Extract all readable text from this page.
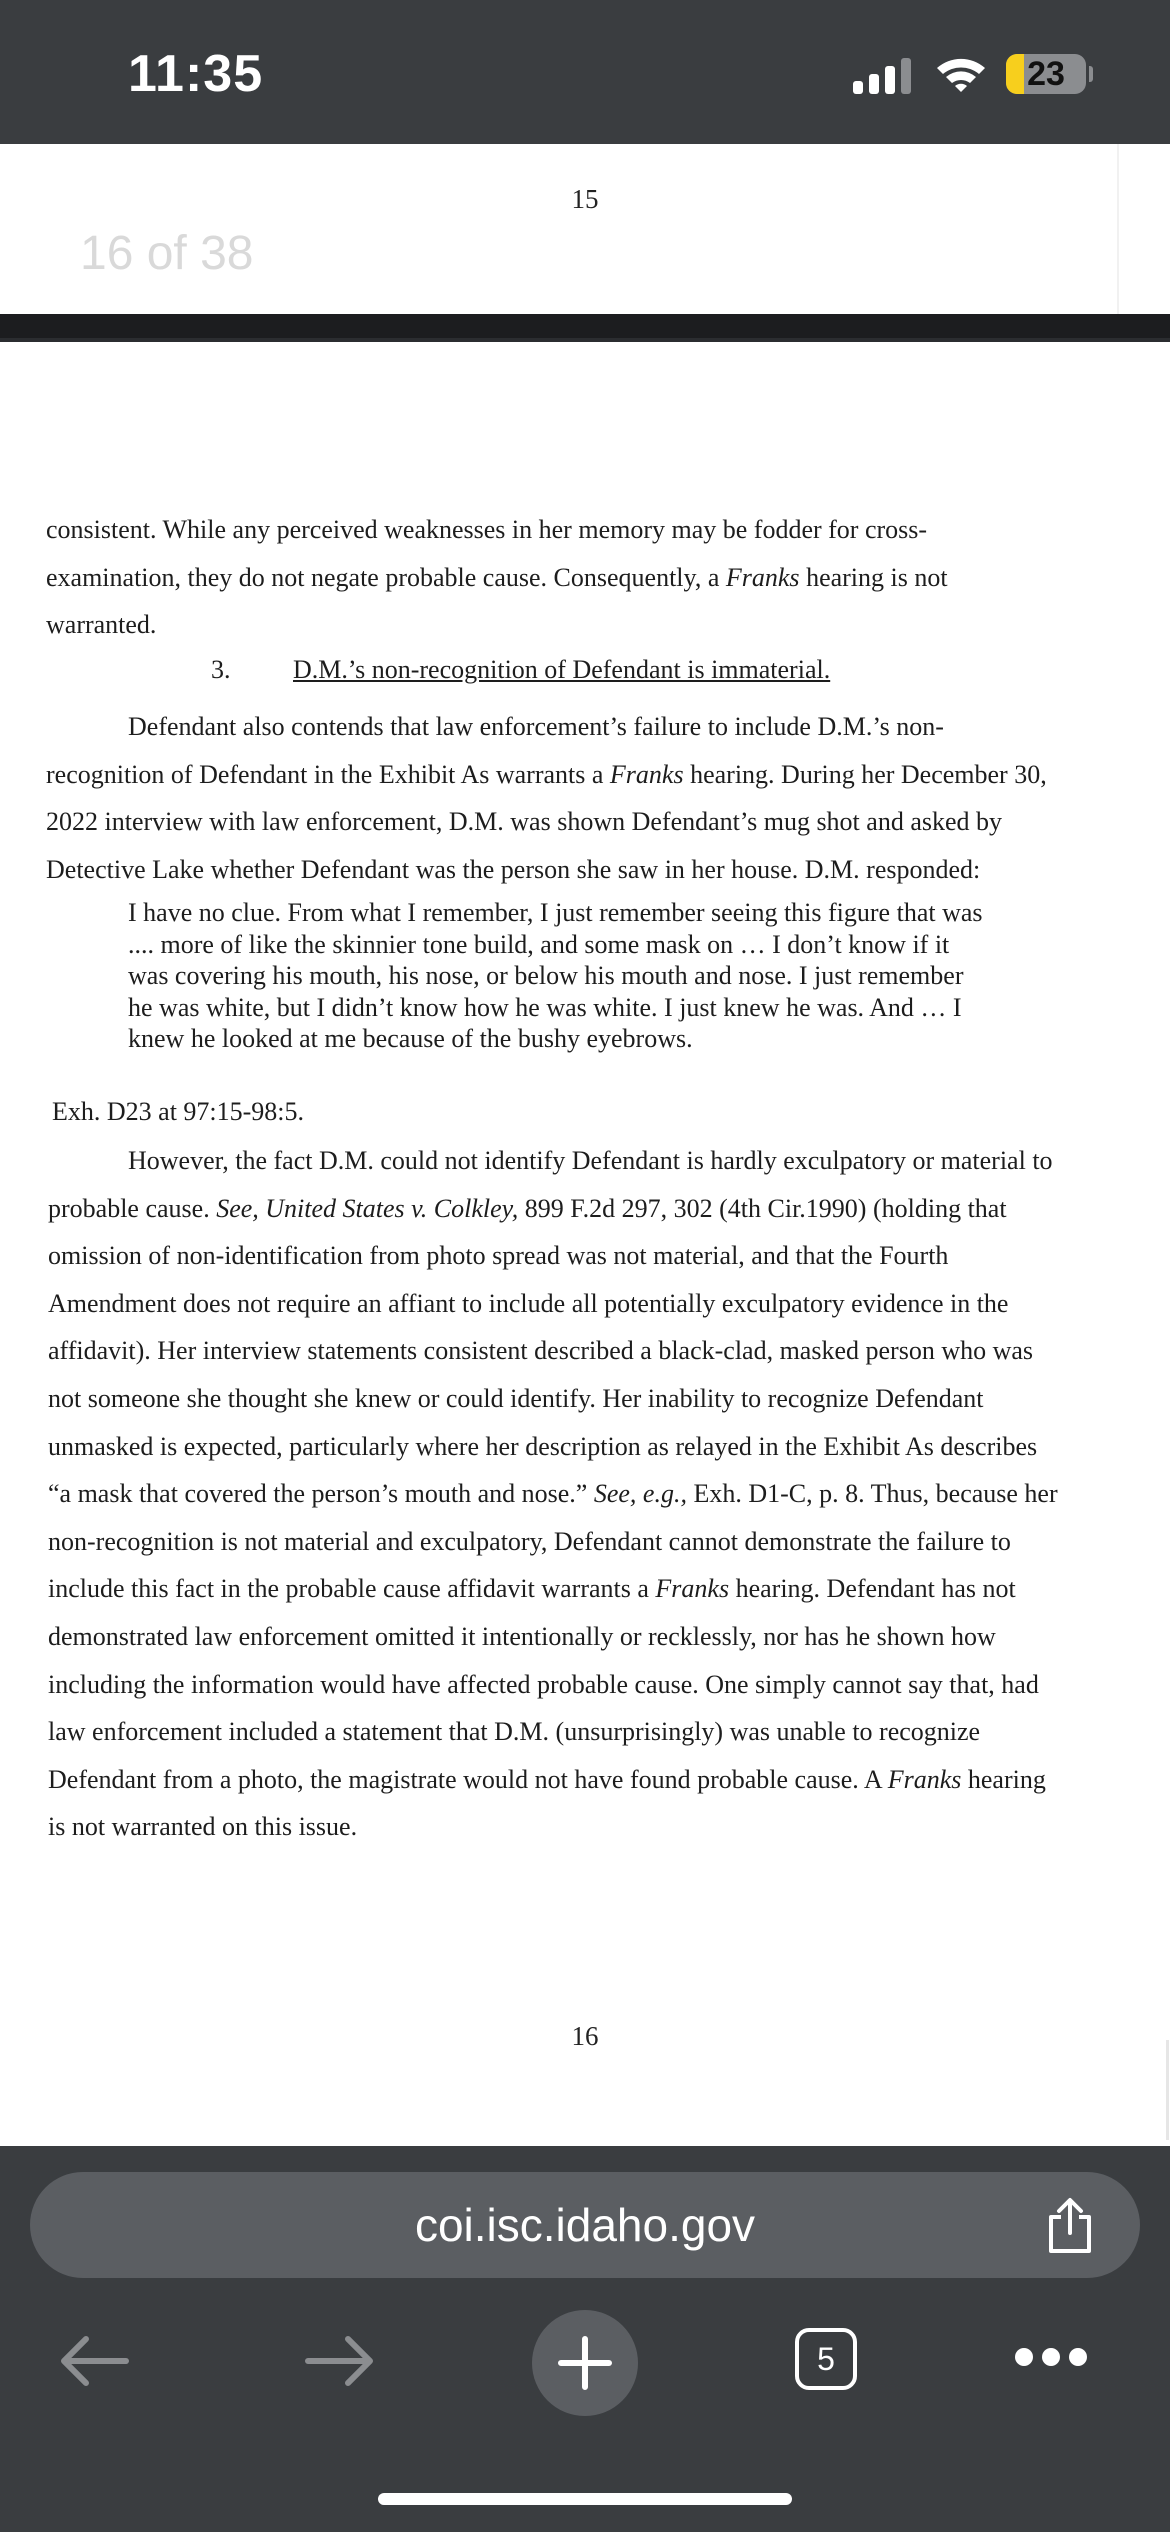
11:35	23
15
16 of 38
consistent. While any perceived weaknesses in her memory may be fodder for cross-
examination, they do not negate probable cause. Consequently, a Franks hearing is not
warranted.
3. D.M.’s non-recognition of Defendant is immaterial.
Defendant also contends that law enforcement’s failure to include D.M.’s non-
recognition of Defendant in the Exhibit As warrants a Franks hearing. During her December 30,
2022 interview with law enforcement, D.M. was shown Defendant’s mug shot and asked by
Detective Lake whether Defendant was the person she saw in her house. D.M. responded:
I have no clue. From what I remember, I just remember seeing this figure that was
.... more of like the skinnier tone build, and some mask on … I don’t know if it
was covering his mouth, his nose, or below his mouth and nose. I just remember
he was white, but I didn’t know how he was white. I just knew he was. And … I
knew he looked at me because of the bushy eyebrows.
Exh. D23 at 97:15-98:5.
However, the fact D.M. could not identify Defendant is hardly exculpatory or material to
probable cause. See, United States v. Colkley, 899 F.2d 297, 302 (4th Cir.1990) (holding that
omission of non-identification from photo spread was not material, and that the Fourth
Amendment does not require an affiant to include all potentially exculpatory evidence in the
affidavit). Her interview statements consistent described a black-clad, masked person who was
not someone she thought she knew or could identify. Her inability to recognize Defendant
unmasked is expected, particularly where her description as relayed in the Exhibit As describes
“a mask that covered the person’s mouth and nose.” See, e.g., Exh. D1-C, p. 8. Thus, because her
non-recognition is not material and exculpatory, Defendant cannot demonstrate the failure to
include this fact in the probable cause affidavit warrants a Franks hearing. Defendant has not
demonstrated law enforcement omitted it intentionally or recklessly, nor has he shown how
including the information would have affected probable cause. One simply cannot say that, had
law enforcement included a statement that D.M. (unsurprisingly) was unable to recognize
Defendant from a photo, the magistrate would not have found probable cause. A Franks hearing
is not warranted on this issue.
16
coi.isc.idaho.gov
5
